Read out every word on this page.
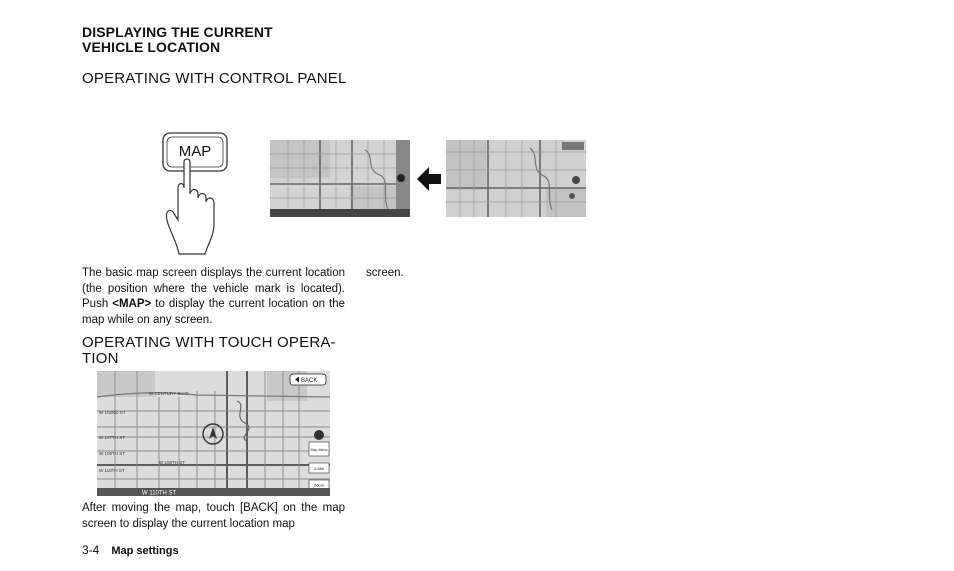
DISPLAYING THE CURRENT
VEHICLE LOCATION
OPERATING WITH CONTROL PANEL
MAP
The basic map screen displays the current location (the position where the vehicle mark is located). Push <MAP> to display the current location on the map while on any screen.
screen.
OPERATING WITH TOUCH OPERA-
TION
W CENTURY BLVD
W 102ND ST
W 107TH ST
W 109TH ST
W 108TH ST
W 110TH ST
BACK
Map Menu
0.8Mi
Zoom
W 110TH ST
After moving the map, touch [BACK] on the map screen to display the current location map
3-4 Map settings
